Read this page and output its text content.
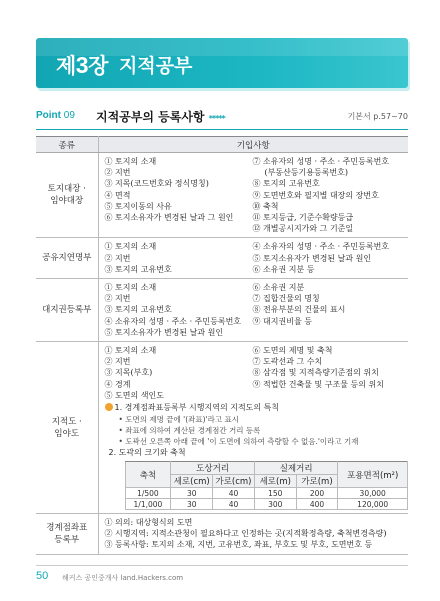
제3장 지적공부
Point 09 지적공부의 등록사항 *****	기본서 p.57~70
종류	기입사항

토지대장 ·
임야대장

① 토지의 소재
② 지번
③ 지목(코드번호와 정식명칭)
④ 면적
⑤ 토지이동의 사유
⑥ 토지소유자가 변경된 날과 그 원인
⑦ 소유자의 성명 · 주소 · 주민등록번호
(부동산등기용등록번호)
⑧ 토지의 고유번호
⑨ 도면번호와 필지별 대장의 장번호
⑩ 축척
⑪ 토지등급, 기준수확량등급
⑫ 개별공시지가와 그 기준일

공유지연명부

① 토지의 소재
② 지번
③ 토지의 고유번호
④ 소유자의 성명 · 주소 · 주민등록번호
⑤ 토지소유자가 변경된 날과 원인
⑥ 소유권 지분 등

대지권등록부

① 토지의 소재
② 지번
③ 토지의 고유번호
④ 소유자의 성명 · 주소 · 주민등록번호
⑤ 토지소유자가 변경된 날과 원인
⑥ 소유권 지분
⑦ 집합건물의 명칭
⑧ 전유부분의 건물의 표시
⑨ 대지권비율 등

지적도 ·
임야도

① 토지의 소재
② 지번
③ 지목(부호)
④ 경계
⑤ 도면의 색인도
⑥ 도면의 제명 및 축척
⑦ 도곽선과 그 수치
⑧ 삼각점 및 지적측량기준점의 위치
⑨ 적법한 건축물 및 구조물 등의 위치
1. 경계점좌표등록부 시행지역의 지적도의 특칙
• 도면의 제명 끝에 '(좌표)'라고 표시
• 좌표에 의하여 계산된 경계점간 거리 등록
• 도곽선 오른쪽 아래 끝에 '이 도면에 의하여 측량할 수 없음.'이라고 기재
2. 도곽의 크기와 축척
축척	도상거리	실제거리	포용면적(m²)
세로(cm)	가로(cm)	세로(m)	가로(m)
1/500	30	40	150	200	30,000
1/1,000	30	40	300	400	120,000

경계점좌표
등록부

① 의의: 대상형식의 도면
② 시행지역: 지적소관청이 필요하다고 인정하는 곳(지적확정측량, 축척변경측량)
③ 등록사항: 토지의 소재, 지번, 고유번호, 좌표, 부호도 및 부호, 도면번호 등
50 해커스 공인중개사 land.Hackers.com
